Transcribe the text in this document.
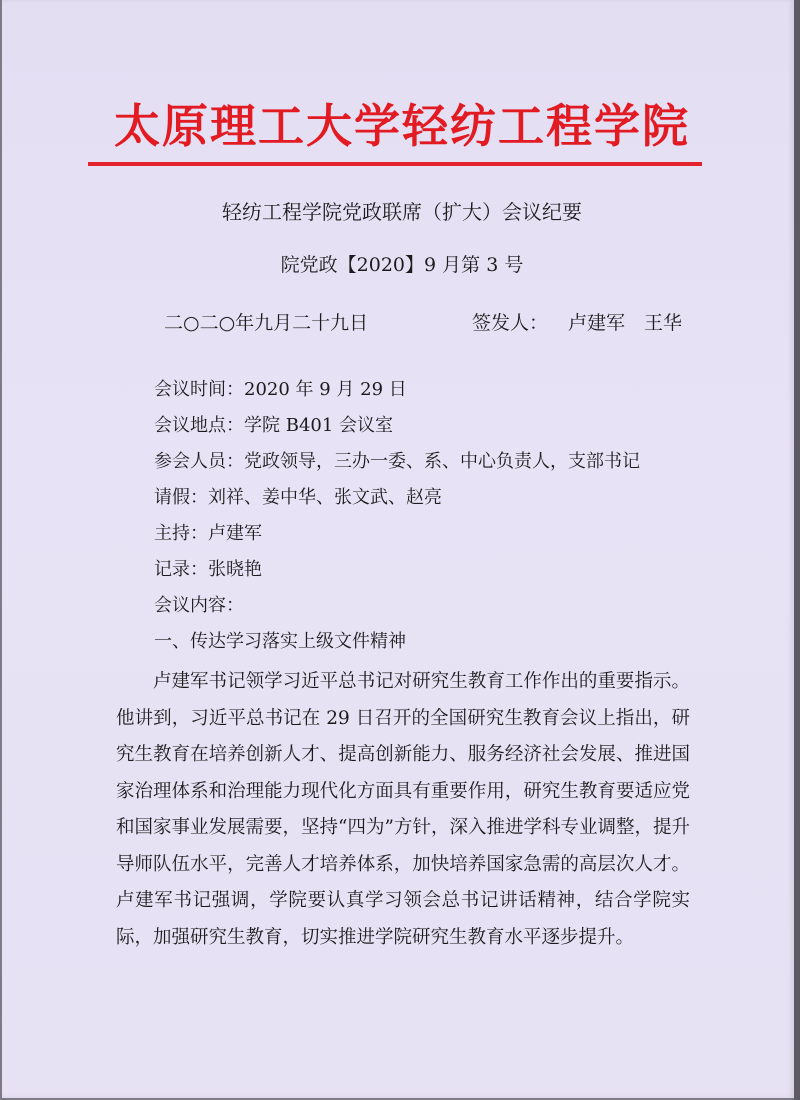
太原理工大学轻纺工程学院
轻纺工程学院党政联席（扩大）会议纪要
院党政【2020】9 月第 3 号
二○二○年九月二十九日	签发人： 卢建军　王华
会议时间：2020 年 9 月 29 日
会议地点：学院 B401 会议室
参会人员：党政领导，三办一委、系、中心负责人，支部书记
请假：刘祥、姜中华、张文武、赵亮
主持：卢建军
记录：张晓艳
会议内容：
一、传达学习落实上级文件精神
卢建军书记领学习近平总书记对研究生教育工作作出的重要指示。他讲到，习近平总书记在 29 日召开的全国研究生教育会议上指出，研究生教育在培养创新人才、提高创新能力、服务经济社会发展、推进国家治理体系和治理能力现代化方面具有重要作用，研究生教育要适应党和国家事业发展需要，坚持“四为”方针，深入推进学科专业调整，提升导师队伍水平，完善人才培养体系，加快培养国家急需的高层次人才。卢建军书记强调，学院要认真学习领会总书记讲话精神，结合学院实际，加强研究生教育，切实推进学院研究生教育水平逐步提升。
